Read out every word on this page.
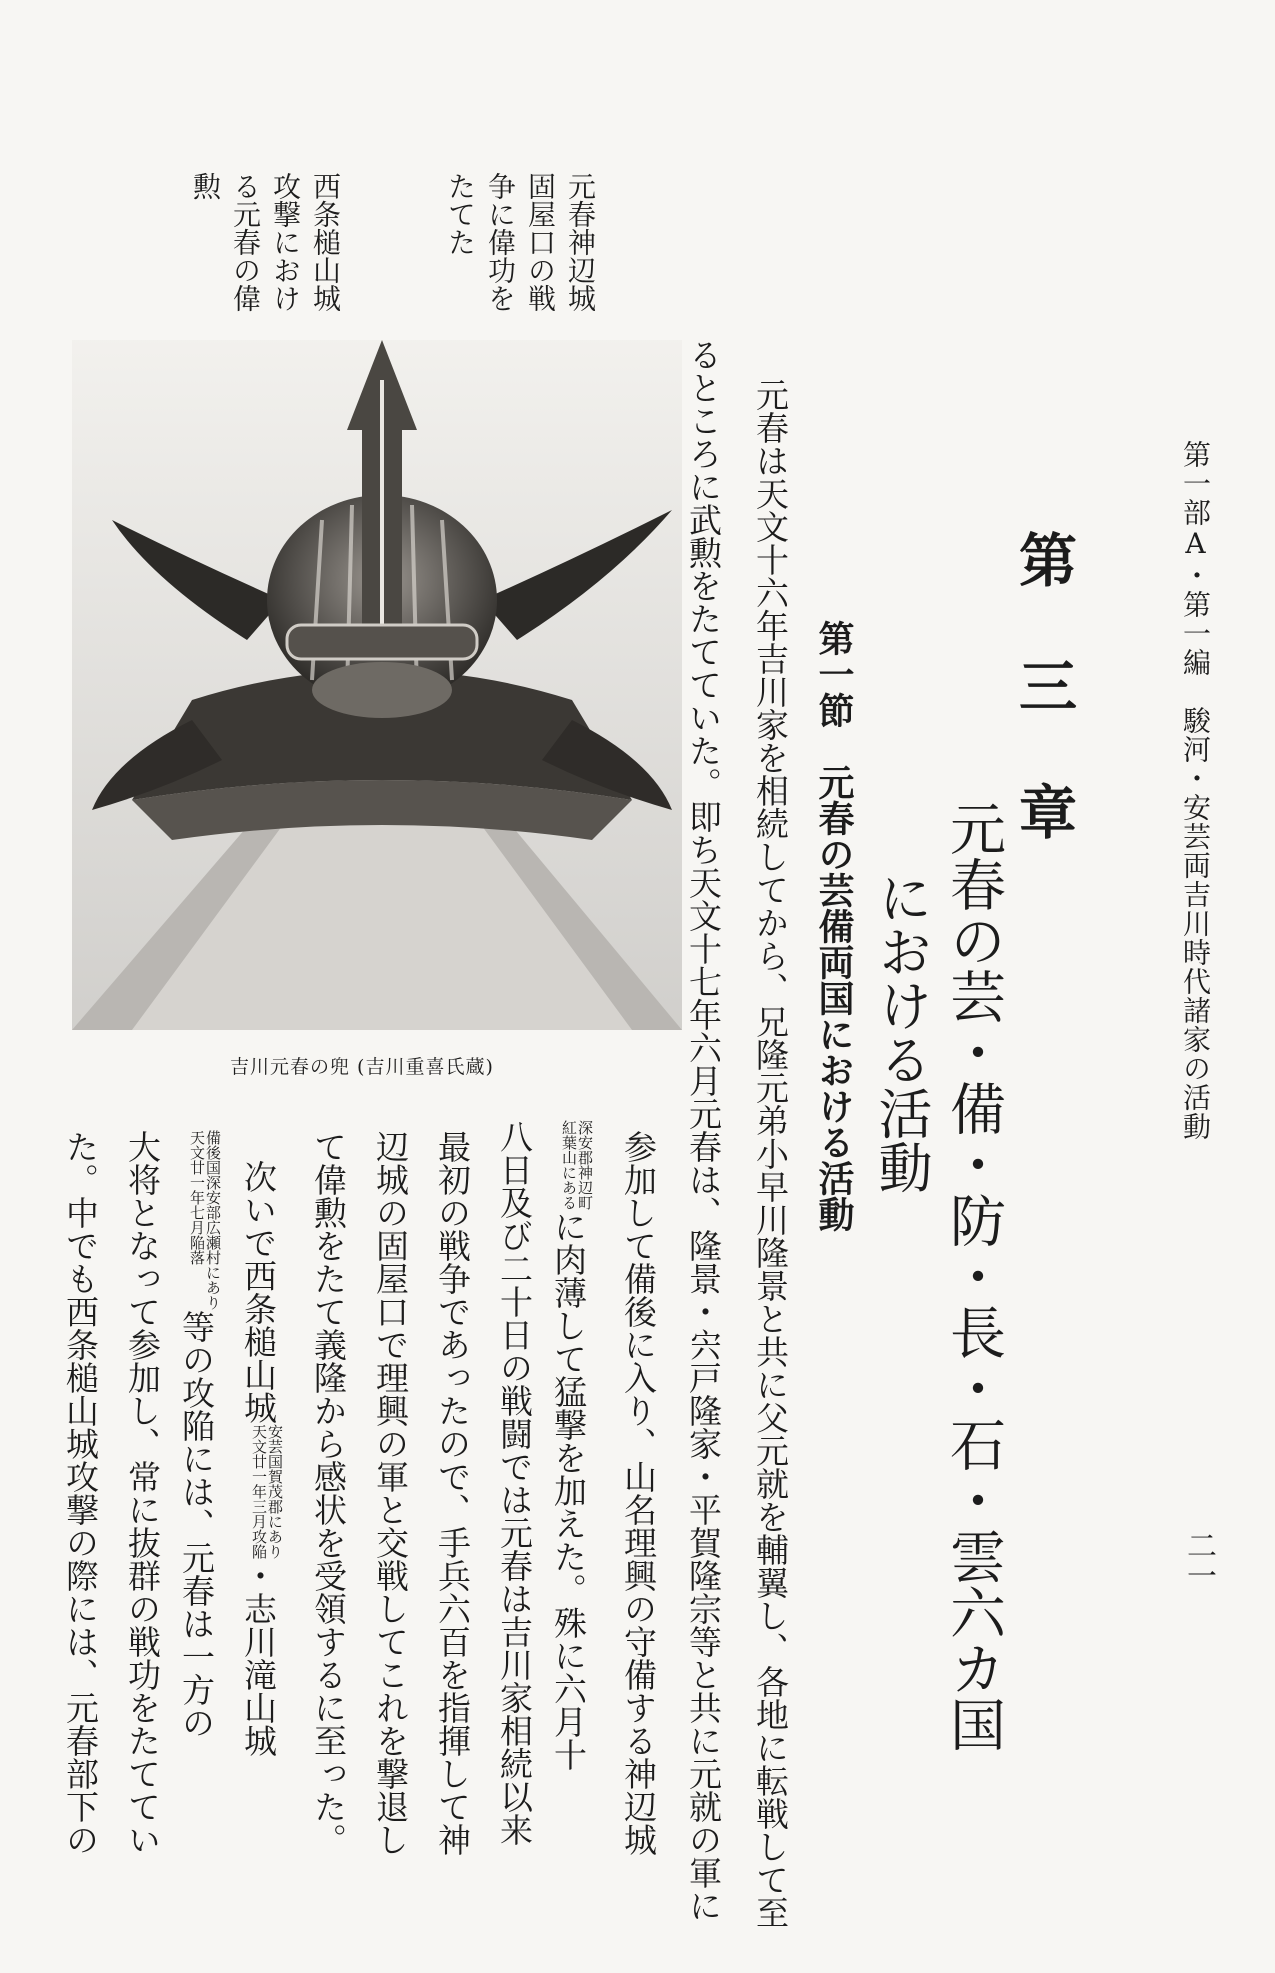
第一部A・第一編　駿河・安芸両吉川時代諸家の活動
二一
第 三 章
元春の芸・備・防・長・石・雲六カ国
における活動
第一節　元春の芸備両国における活動
元春は天文十六年吉川家を相続してから、兄隆元弟小早川隆景と共に父元就を輔翼し、各地に転戦して至
るところに武勲をたてていた。即ち天文十七年六月元春は、隆景・宍戸隆家・平賀隆宗等と共に元就の軍に
参加して備後に入り、山名理興の守備する神辺城
深安郡神辺町
紅葉山にある
に肉薄して猛撃を加えた。殊に六月十
八日及び二十日の戦闘では元春は吉川家相続以来
最初の戦争であったので、手兵六百を指揮して神
辺城の固屋口で理興の軍と交戦してこれを撃退し
て偉勲をたて義隆から感状を受領するに至った。
次いで西条槌山城
安芸国賀茂郡にあり
天文廿一年三月攻陥
・志川滝山城
備後国深安部広瀬村にあり
天文廿一年七月陥落
等の攻陥には、元春は一方の
大将となって参加し、常に抜群の戦功をたててい
た。中でも西条槌山城攻撃の際には、元春部下の
元春神辺城固屋口の戦争に偉功をたてた
西条槌山城攻撃における元春の偉勲
吉川元春の兜 (吉川重喜氏蔵)
